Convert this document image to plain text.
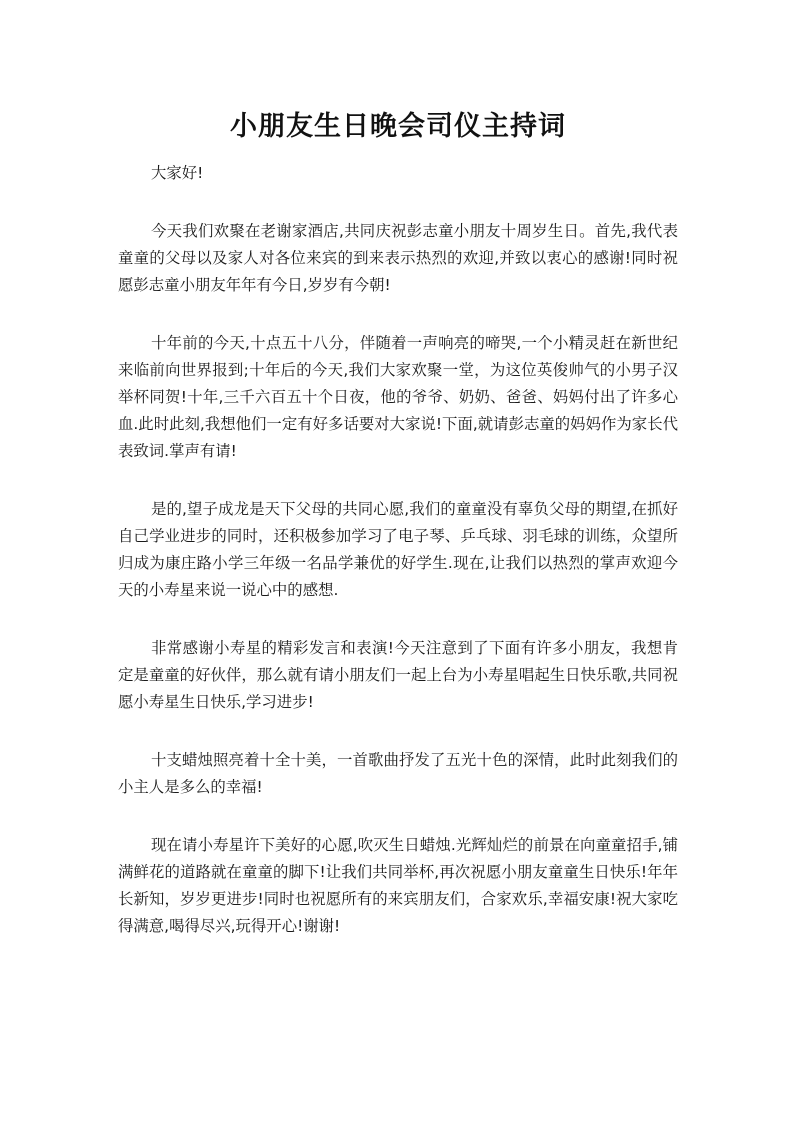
小朋友生日晚会司仪主持词

大家好!

今天我们欢聚在老谢家酒店,共同庆祝彭志童小朋友十周岁生日。首先,我代表童童的父母以及家人对各位来宾的到来表示热烈的欢迎,并致以衷心的感谢!同时祝愿彭志童小朋友年年有今日,岁岁有今朝!

十年前的今天,十点五十八分，伴随着一声响亮的啼哭,一个小精灵赶在新世纪来临前向世界报到;十年后的今天,我们大家欢聚一堂，为这位英俊帅气的小男子汉举杯同贺!十年,三千六百五十个日夜，他的爷爷、奶奶、爸爸、妈妈付出了许多心血.此时此刻,我想他们一定有好多话要对大家说!下面,就请彭志童的妈妈作为家长代表致词.掌声有请!

是的,望子成龙是天下父母的共同心愿,我们的童童没有辜负父母的期望,在抓好自己学业进步的同时，还积极参加学习了电子琴、乒乓球、羽毛球的训练，众望所归成为康庄路小学三年级一名品学兼优的好学生.现在,让我们以热烈的掌声欢迎今天的小寿星来说一说心中的感想.

非常感谢小寿星的精彩发言和表演!今天注意到了下面有许多小朋友，我想肯定是童童的好伙伴，那么就有请小朋友们一起上台为小寿星唱起生日快乐歌,共同祝愿小寿星生日快乐,学习进步!

十支蜡烛照亮着十全十美，一首歌曲抒发了五光十色的深情，此时此刻我们的小主人是多么的幸福!

现在请小寿星许下美好的心愿,吹灭生日蜡烛.光辉灿烂的前景在向童童招手,铺满鲜花的道路就在童童的脚下!让我们共同举杯,再次祝愿小朋友童童生日快乐!年年长新知，岁岁更进步!同时也祝愿所有的来宾朋友们，合家欢乐,幸福安康!祝大家吃得满意,喝得尽兴,玩得开心!谢谢!
